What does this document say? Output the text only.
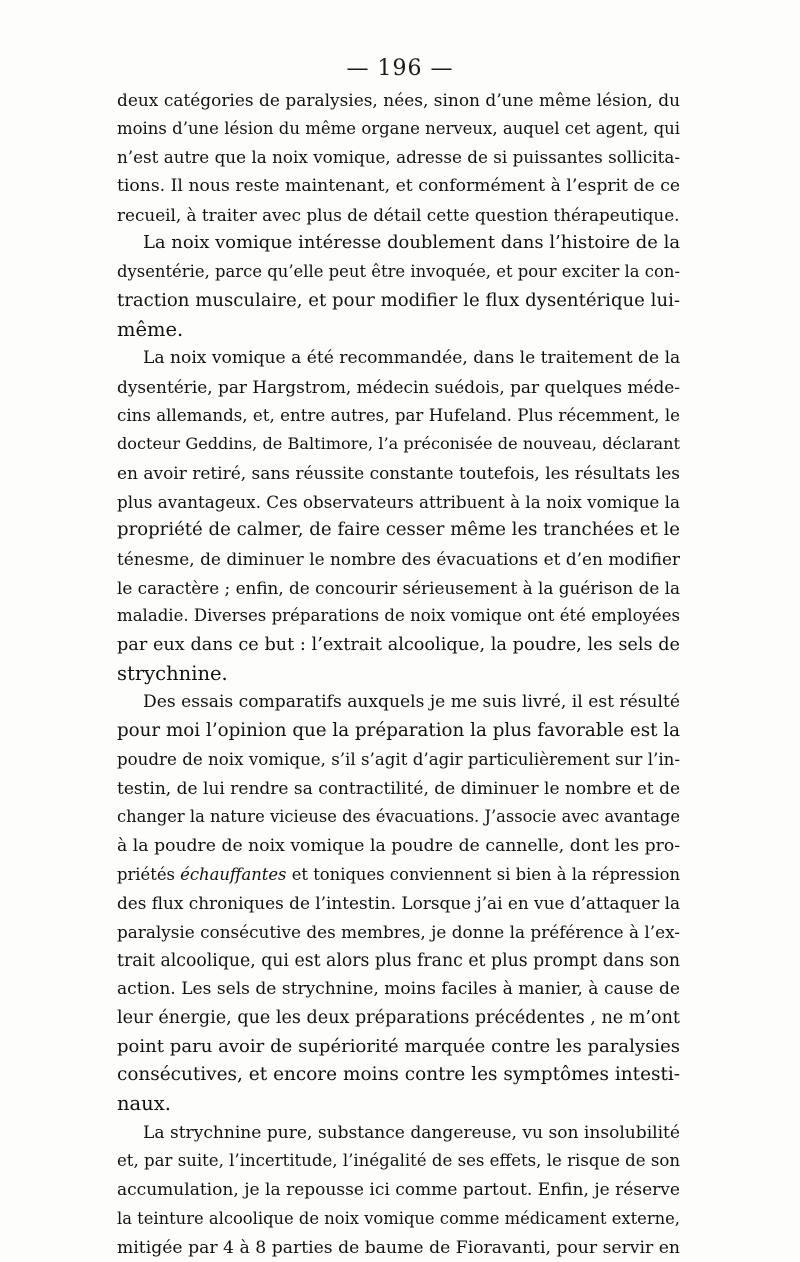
— 196 —
deux catégories de paralysies, nées, sinon d’une même lésion, du
moins d’une lésion du même organe nerveux, auquel cet agent, qui
n’est autre que la noix vomique, adresse de si puissantes sollicita-
tions. Il nous reste maintenant, et conformément à l’esprit de ce
recueil, à traiter avec plus de détail cette question thérapeutique.
La noix vomique intéresse doublement dans l’histoire de la
dysentérie, parce qu’elle peut être invoquée, et pour exciter la con-
traction musculaire, et pour modifier le flux dysentérique lui-
même.
La noix vomique a été recommandée, dans le traitement de la
dysentérie, par Hargstrom, médecin suédois, par quelques méde-
cins allemands, et, entre autres, par Hufeland. Plus récemment, le
docteur Geddins, de Baltimore, l’a préconisée de nouveau, déclarant
en avoir retiré, sans réussite constante toutefois, les résultats les
plus avantageux. Ces observateurs attribuent à la noix vomique la
propriété de calmer, de faire cesser même les tranchées et le
ténesme, de diminuer le nombre des évacuations et d’en modifier
le caractère ; enfin, de concourir sérieusement à la guérison de la
maladie. Diverses préparations de noix vomique ont été employées
par eux dans ce but : l’extrait alcoolique, la poudre, les sels de
strychnine.
Des essais comparatifs auxquels je me suis livré, il est résulté
pour moi l’opinion que la préparation la plus favorable est la
poudre de noix vomique, s’il s’agit d’agir particulièrement sur l’in-
testin, de lui rendre sa contractilité, de diminuer le nombre et de
changer la nature vicieuse des évacuations. J’associe avec avantage
à la poudre de noix vomique la poudre de cannelle, dont les pro-
priétés échauffantes et toniques conviennent si bien à la répression
des flux chroniques de l’intestin. Lorsque j’ai en vue d’attaquer la
paralysie consécutive des membres, je donne la préférence à l’ex-
trait alcoolique, qui est alors plus franc et plus prompt dans son
action. Les sels de strychnine, moins faciles à manier, à cause de
leur énergie, que les deux préparations précédentes , ne m’ont
point paru avoir de supériorité marquée contre les paralysies
consécutives, et encore moins contre les symptômes intesti-
naux.
La strychnine pure, substance dangereuse, vu son insolubilité
et, par suite, l’incertitude, l’inégalité de ses effets, le risque de son
accumulation, je la repousse ici comme partout. Enfin, je réserve
la teinture alcoolique de noix vomique comme médicament externe,
mitigée par 4 à 8 parties de baume de Fioravanti, pour servir en
